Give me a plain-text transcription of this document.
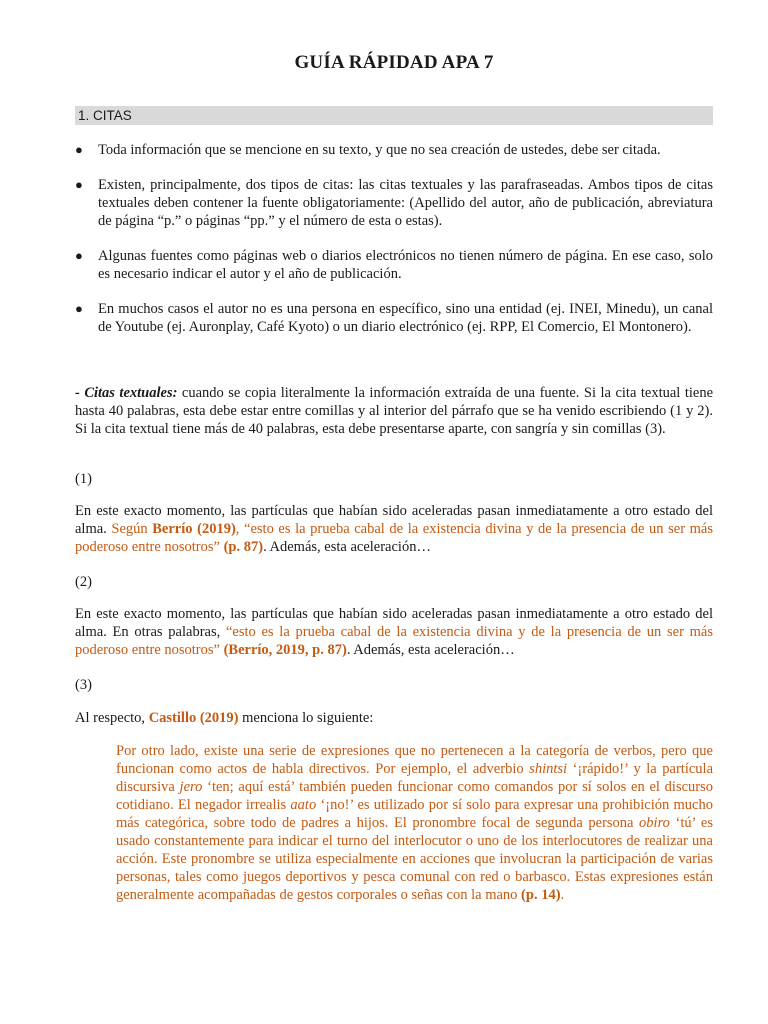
GUÍA RÁPIDAD APA 7
1. CITAS
● Toda información que se mencione en su texto, y que no sea creación de ustedes, debe ser citada.
● Existen, principalmente, dos tipos de citas: las citas textuales y las parafraseadas. Ambos tipos de citas textuales deben contener la fuente obligatoriamente: (Apellido del autor, año de publicación, abreviatura de página “p.” o páginas “pp.” y el número de esta o estas).
● Algunas fuentes como páginas web o diarios electrónicos no tienen número de página. En ese caso, solo es necesario indicar el autor y el año de publicación.
● En muchos casos el autor no es una persona en específico, sino una entidad (ej. INEI, Minedu), un canal de Youtube (ej. Auronplay, Café Kyoto) o un diario electrónico (ej. RPP, El Comercio, El Montonero).

- Citas textuales: cuando se copia literalmente la información extraída de una fuente. Si la cita textual tiene hasta 40 palabras, esta debe estar entre comillas y al interior del párrafo que se ha venido escribiendo (1 y 2). Si la cita textual tiene más de 40 palabras, esta debe presentarse aparte, con sangría y sin comillas (3).

(1)

En este exacto momento, las partículas que habían sido aceleradas pasan inmediatamente a otro estado del alma. Según Berrío (2019), “esto es la prueba cabal de la existencia divina y de la presencia de un ser más poderoso entre nosotros” (p. 87). Además, esta aceleración…

(2)

En este exacto momento, las partículas que habían sido aceleradas pasan inmediatamente a otro estado del alma. En otras palabras, “esto es la prueba cabal de la existencia divina y de la presencia de un ser más poderoso entre nosotros” (Berrío, 2019, p. 87). Además, esta aceleración…

(3)

Al respecto, Castillo (2019) menciona lo siguiente:

Por otro lado, existe una serie de expresiones que no pertenecen a la categoría de verbos, pero que funcionan como actos de habla directivos. Por ejemplo, el adverbio shintsi ‘¡rápido!’ y la partícula discursiva jero ‘ten; aquí está’ también pueden funcionar como comandos por sí solos en el discurso cotidiano. El negador irrealis aato ‘¡no!’ es utilizado por sí solo para expresar una prohibición mucho más categórica, sobre todo de padres a hijos. El pronombre focal de segunda persona obiro ‘tú’ es usado constantemente para indicar el turno del interlocutor o uno de los interlocutores de realizar una acción. Este pronombre se utiliza especialmente en acciones que involucran la participación de varias personas, tales como juegos deportivos y pesca comunal con red o barbasco. Estas expresiones están generalmente acompañadas de gestos corporales o señas con la mano (p. 14).
